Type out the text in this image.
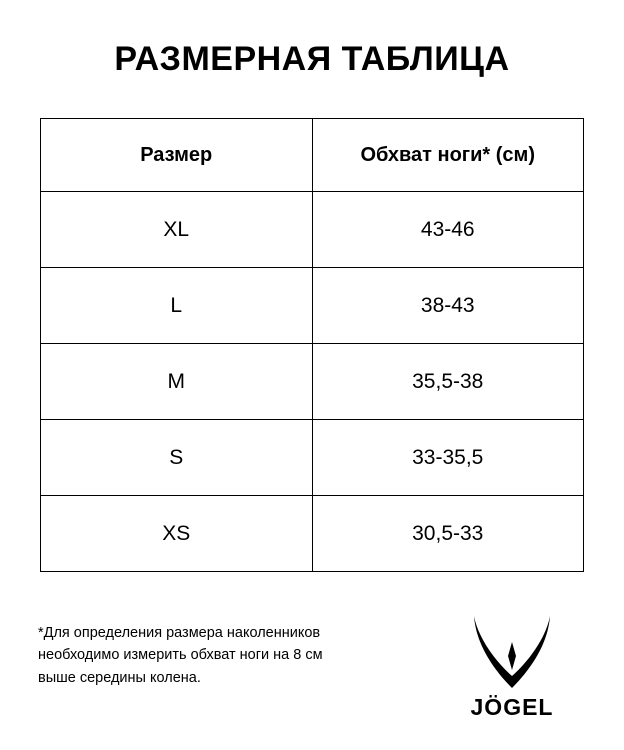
РАЗМЕРНАЯ ТАБЛИЦА
Размер	Обхват ноги* (см)
XL	43-46
L	38-43
M	35,5-38
S	33-35,5
XS	30,5-33
*Для определения размера наколенников
необходимо измерить обхват ноги на 8 см
выше середины колена.
JÖGEL
